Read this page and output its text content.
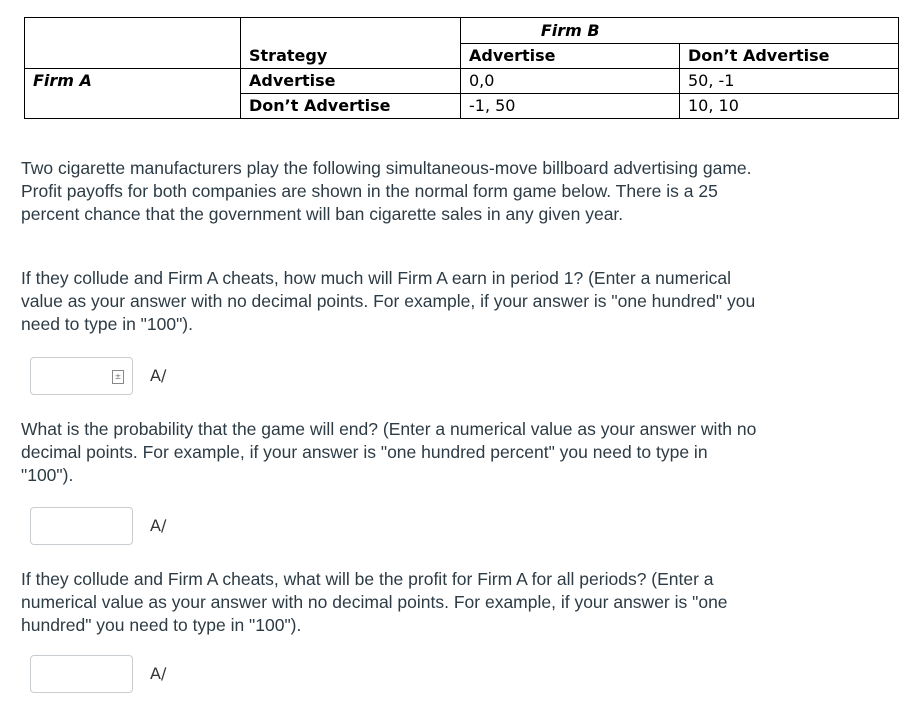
		Firm B	
	Strategy	Advertise	Don’t Advertise
Firm A	Advertise	0,0	50, -1
	Don’t Advertise	-1, 50	10, 10

Two cigarette manufacturers play the following simultaneous-move billboard advertising game. Profit payoffs for both companies are shown in the normal form game below. There is a 25 percent chance that the government will ban cigarette sales in any given year.

If they collude and Firm A cheats, how much will Firm A earn in period 1? (Enter a numerical value as your answer with no decimal points. For example, if your answer is "one hundred" you need to type in "100").

± A∕

What is the probability that the game will end? (Enter a numerical value as your answer with no decimal points. For example, if your answer is "one hundred percent" you need to type in "100").

A∕

If they collude and Firm A cheats, what will be the profit for Firm A for all periods? (Enter a numerical value as your answer with no decimal points. For example, if your answer is "one hundred" you need to type in "100").

A∕
